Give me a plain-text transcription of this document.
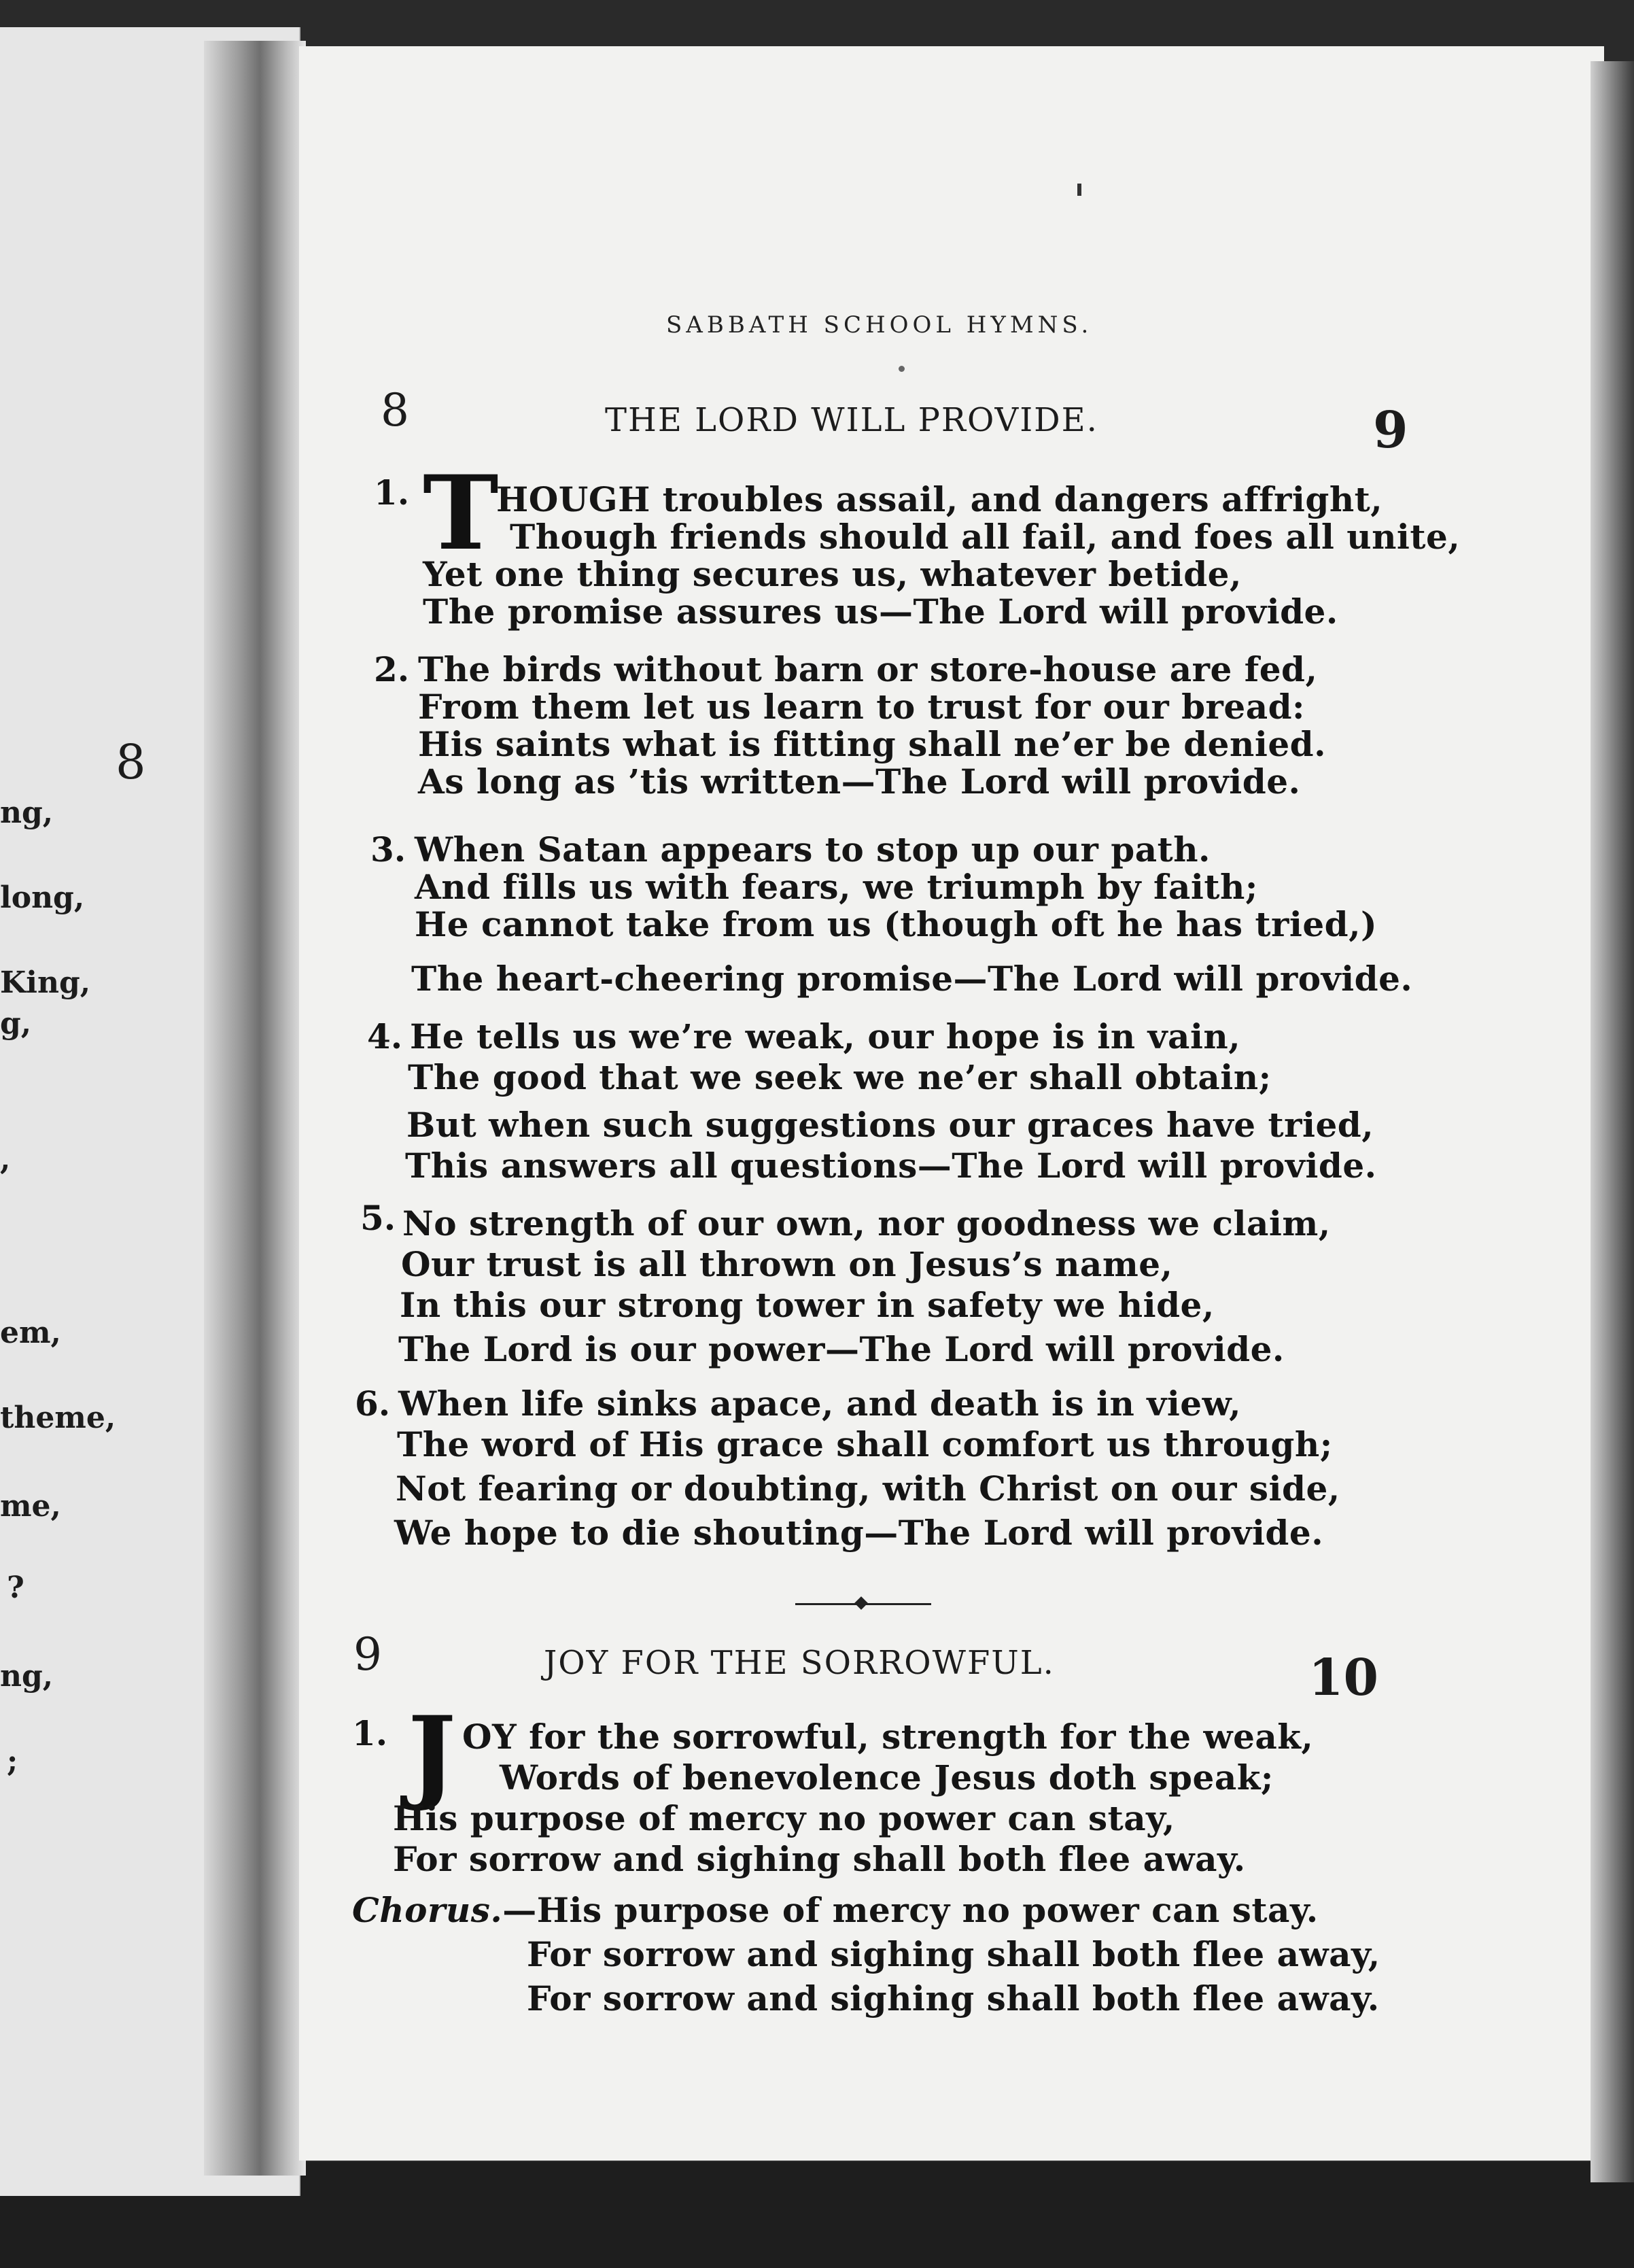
8
ng,
long,
King,
g,
,
em,
theme,
me,
?
ng,
;
SABBATH SCHOOL HYMNS.
8	THE LORD WILL PROVIDE.	9
1. T
HOUGH troubles assail, and dangers affright,
Though friends should all fail, and foes all unite,
Yet one thing secures us, whatever betide,
The promise assures us—The Lord will provide.
2. The birds without barn or store-house are fed,
From them let us learn to trust for our bread:
His saints what is fitting shall ne’er be denied.
As long as ’tis written—The Lord will provide.
3. When Satan appears to stop up our path.
And fills us with fears, we triumph by faith;
He cannot take from us (though oft he has tried,)
The heart-cheering promise—The Lord will provide.
4. He tells us we’re weak, our hope is in vain,
The good that we seek we ne’er shall obtain;
But when such suggestions our graces have tried,
This answers all questions—The Lord will provide.
5. No strength of our own, nor goodness we claim,
Our trust is all thrown on Jesus’s name,
In this our strong tower in safety we hide,
The Lord is our power—The Lord will provide.
6. When life sinks apace, and death is in view,
The word of His grace shall comfort us through;
Not fearing or doubting, with Christ on our side,
We hope to die shouting—The Lord will provide.
9	JOY FOR THE SORROWFUL.	10
1. J OY for the sorrowful, strength for the weak,
Words of benevolence Jesus doth speak;
His purpose of mercy no power can stay,
For sorrow and sighing shall both flee away.
Chorus.—His purpose of mercy no power can stay.
For sorrow and sighing shall both flee away,
For sorrow and sighing shall both flee away.
